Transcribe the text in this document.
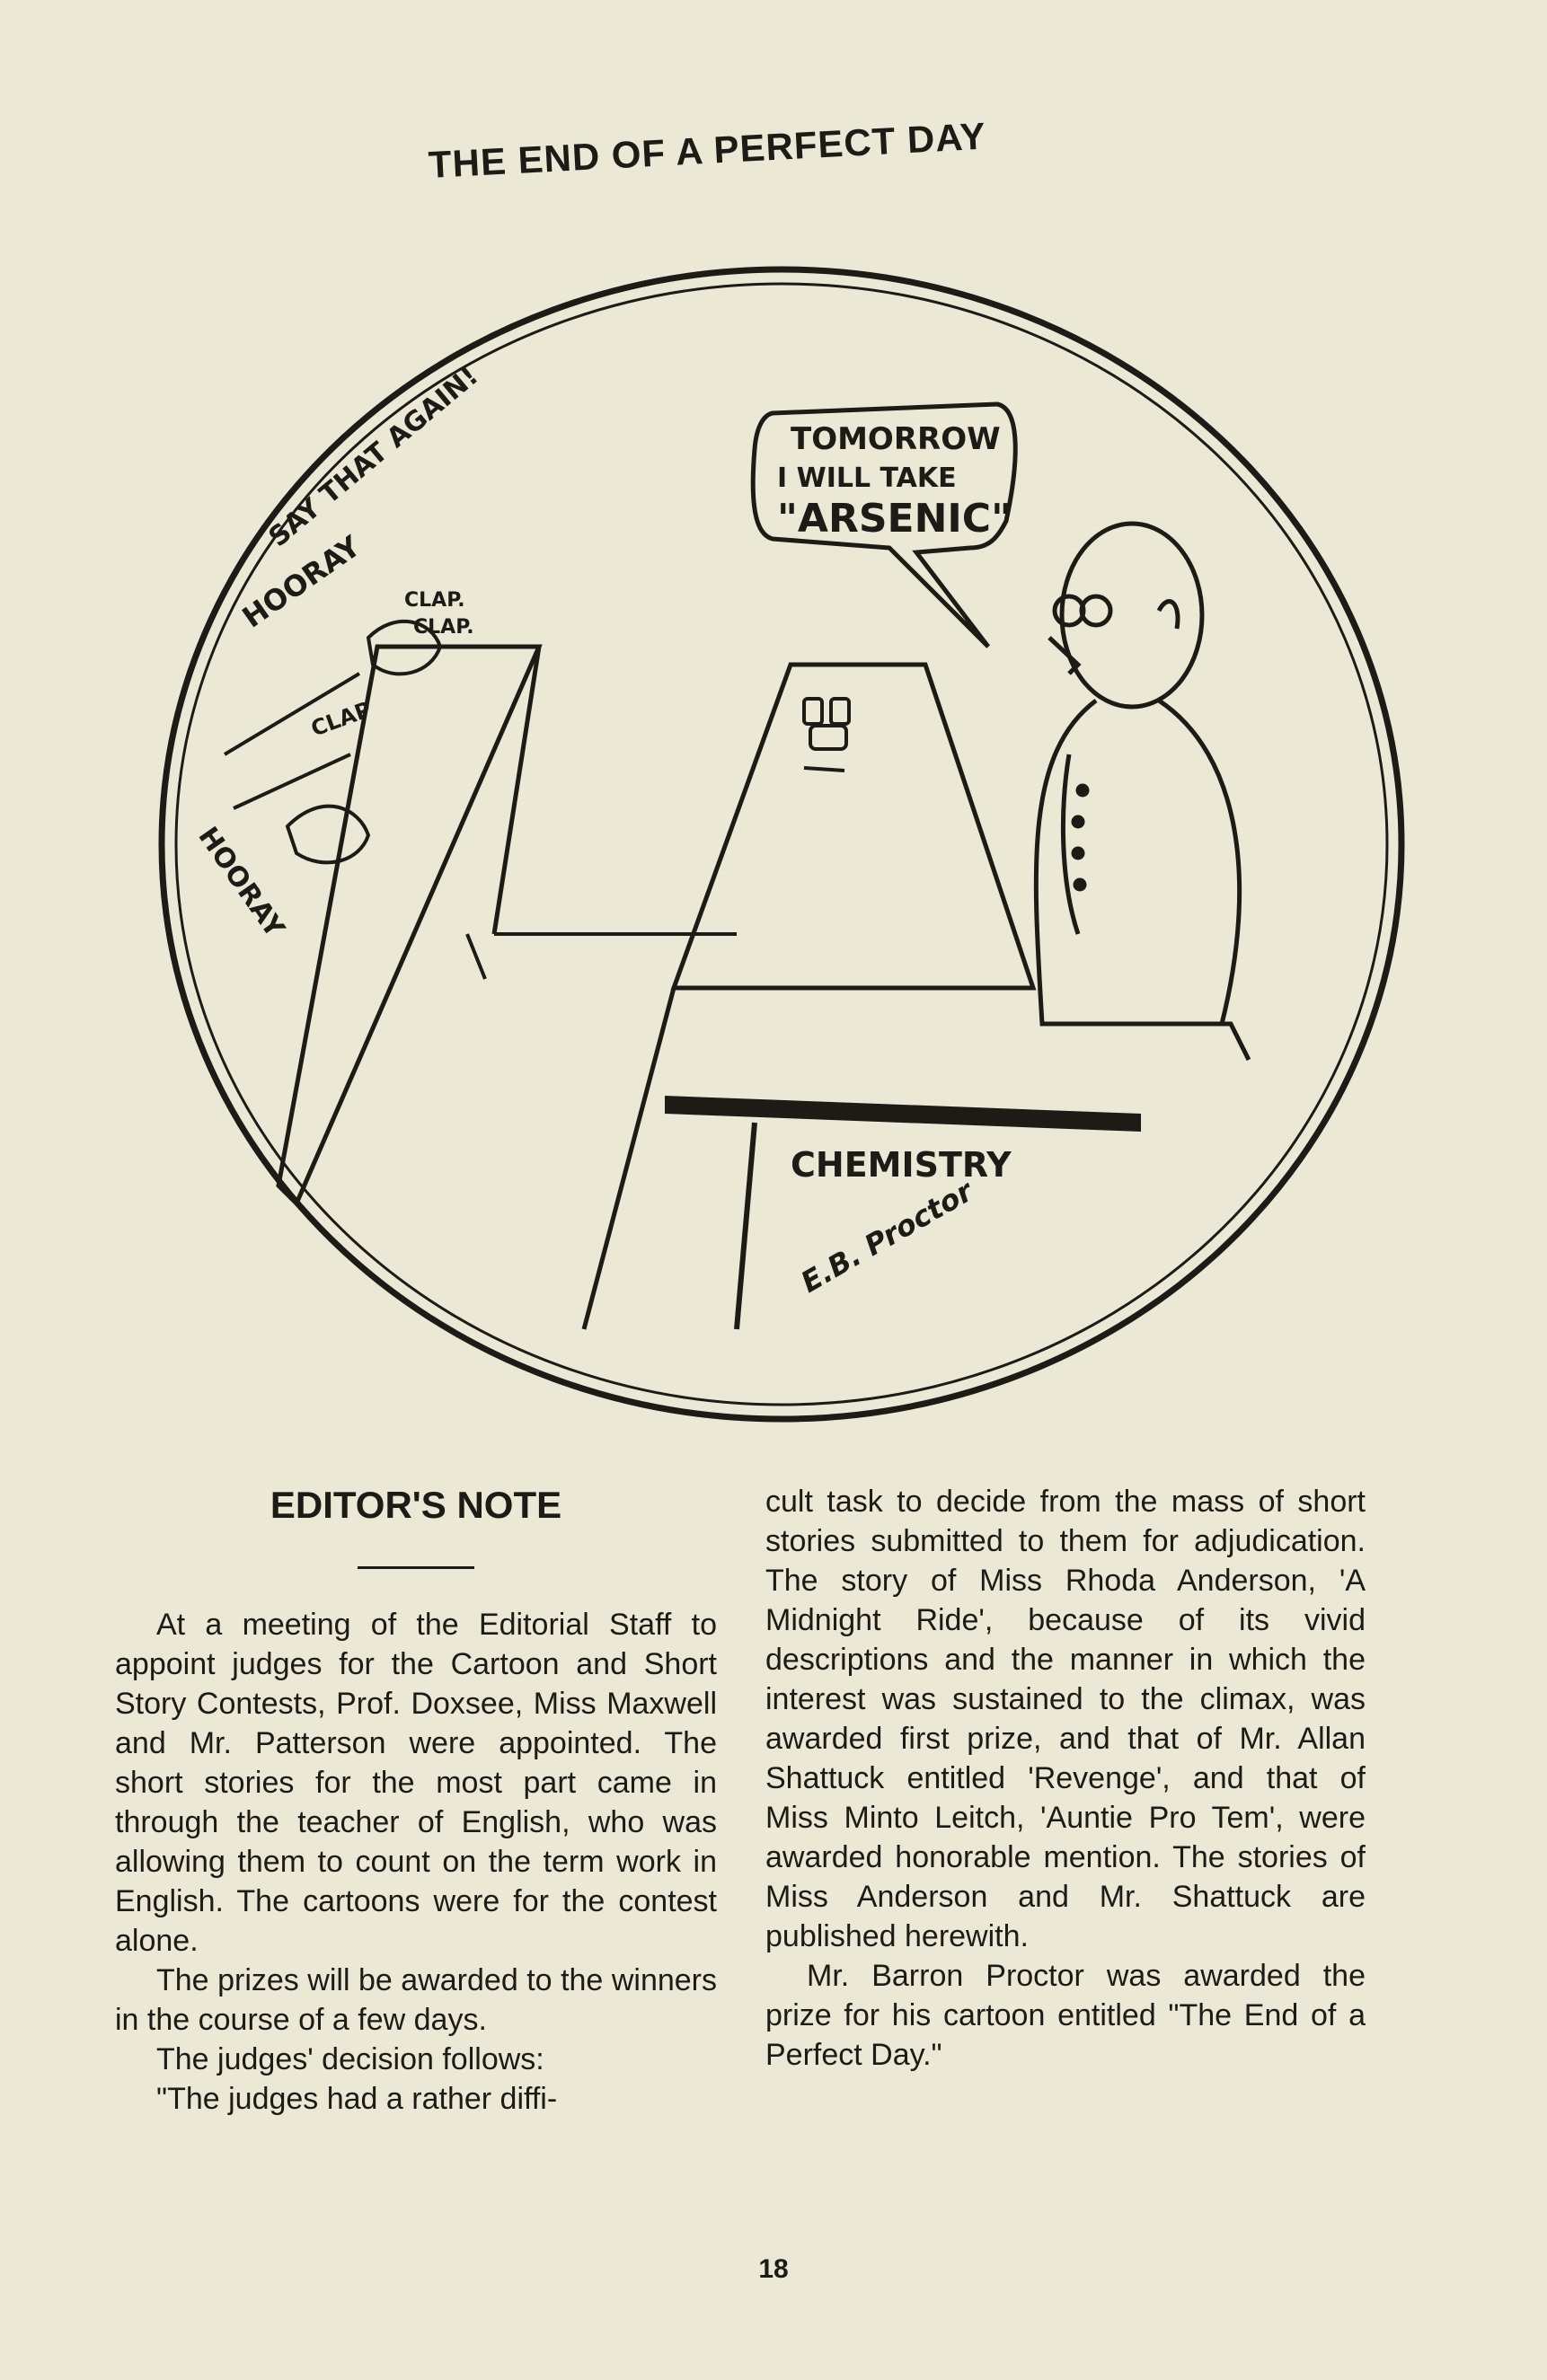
THE END OF A PERFECT DAY
TOMORROW
I WILL TAKE
"ARSENIC"
SAY THAT AGAIN!
HOORAY CLAP.
CLAP.
CLAP
HOORAY
CHEMISTRY
E.B. Proctor
EDITOR'S NOTE

At a meeting of the Editorial Staff to appoint judges for the Cartoon and Short Story Contests, Prof. Doxsee, Miss Maxwell and Mr. Patterson were appointed. The short stories for the most part came in through the teacher of English, who was allowing them to count on the term work in English. The cartoons were for the contest alone.

The prizes will be awarded to the winners in the course of a few days.

The judges' decision follows:

"The judges had a rather diffi-

cult task to decide from the mass of short stories submitted to them for adjudication. The story of Miss Rhoda Anderson, 'A Midnight Ride', because of its vivid descriptions and the manner in which the interest was sustained to the climax, was awarded first prize, and that of Mr. Allan Shattuck entitled 'Revenge', and that of Miss Minto Leitch, 'Auntie Pro Tem', were awarded honorable mention. The stories of Miss Anderson and Mr. Shattuck are published herewith.

Mr. Barron Proctor was awarded the prize for his cartoon entitled "The End of a Perfect Day."

18
